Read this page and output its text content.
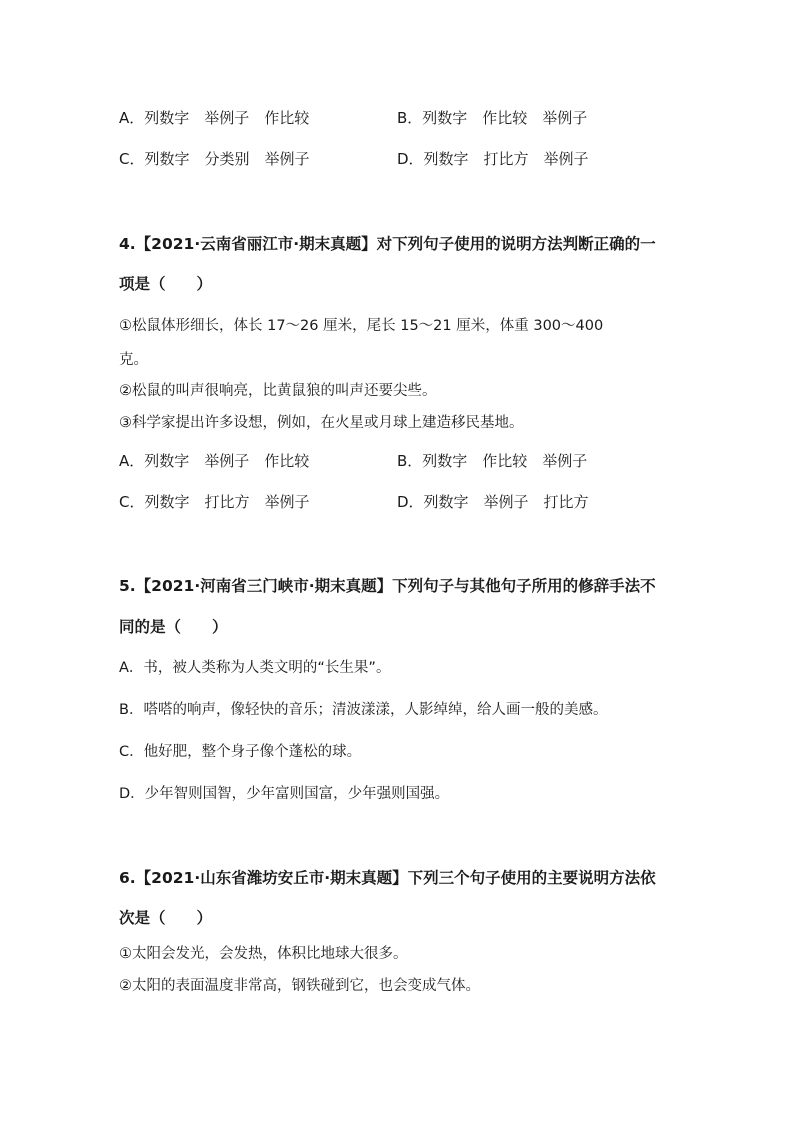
A．列数字　举例子　作比较	B．列数字　作比较　举例子
C．列数字　分类别　举例子	D．列数字　打比方　举例子
4.【2021·云南省丽江市·期末真题】对下列句子使用的说明方法判断正确的一
项是（　　）
①松鼠体形细长，体长 17～26 厘米，尾长 15～21 厘米，体重 300～400
克。
②松鼠的叫声很响亮，比黄鼠狼的叫声还要尖些。
③科学家提出许多设想，例如，在火星或月球上建造移民基地。
A．列数字　举例子　作比较	B．列数字　作比较　举例子
C．列数字　打比方　举例子	D．列数字　举例子　打比方
5.【2021·河南省三门峡市·期末真题】下列句子与其他句子所用的修辞手法不
同的是（　　）
A．书，被人类称为人类文明的“长生果”。
B．嗒嗒的响声，像轻快的音乐；清波漾漾，人影绰绰，给人画一般的美感。
C．他好肥，整个身子像个蓬松的球。
D．少年智则国智，少年富则国富，少年强则国强。
6.【2021·山东省潍坊安丘市·期末真题】下列三个句子使用的主要说明方法依
次是（　　）
①太阳会发光，会发热，体积比地球大很多。
②太阳的表面温度非常高，钢铁碰到它，也会变成气体。
